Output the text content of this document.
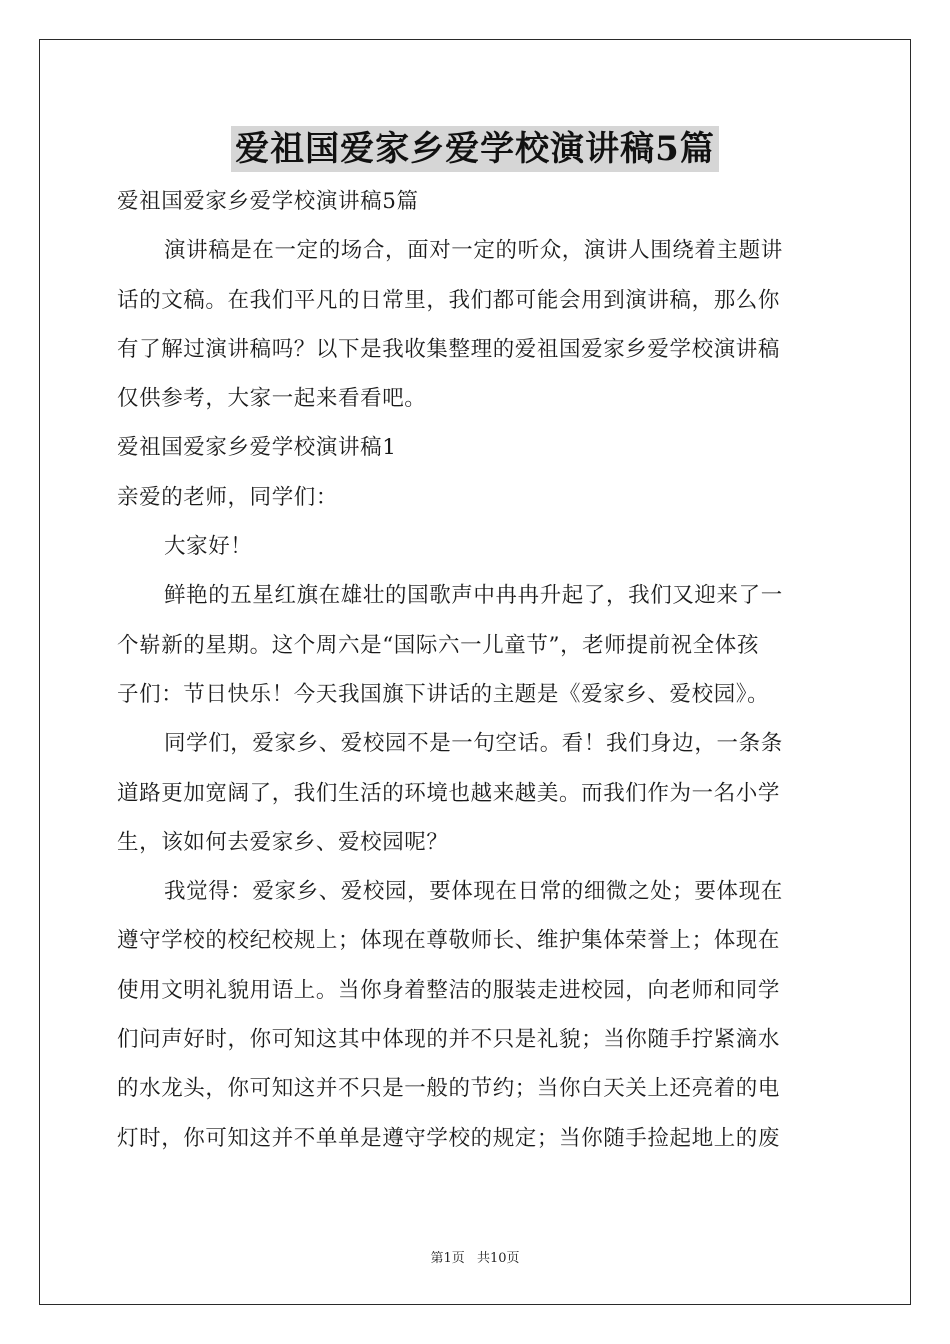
爱祖国爱家乡爱学校演讲稿5篇
爱祖国爱家乡爱学校演讲稿5篇
演讲稿是在一定的场合，面对一定的听众，演讲人围绕着主题讲
话的文稿。在我们平凡的日常里，我们都可能会用到演讲稿，那么你
有了解过演讲稿吗？以下是我收集整理的爱祖国爱家乡爱学校演讲稿
仅供参考，大家一起来看看吧。
爱祖国爱家乡爱学校演讲稿1
亲爱的老师，同学们：
大家好！
鲜艳的五星红旗在雄壮的国歌声中冉冉升起了，我们又迎来了一
个崭新的星期。这个周六是“国际六一儿童节”，老师提前祝全体孩
子们：节日快乐！今天我国旗下讲话的主题是《爱家乡、爱校园》。
同学们，爱家乡、爱校园不是一句空话。看！我们身边，一条条
道路更加宽阔了，我们生活的环境也越来越美。而我们作为一名小学
生，该如何去爱家乡、爱校园呢？
我觉得：爱家乡、爱校园，要体现在日常的细微之处；要体现在
遵守学校的校纪校规上；体现在尊敬师长、维护集体荣誉上；体现在
使用文明礼貌用语上。当你身着整洁的服装走进校园，向老师和同学
们问声好时，你可知这其中体现的并不只是礼貌；当你随手拧紧滴水
的水龙头，你可知这并不只是一般的节约；当你白天关上还亮着的电
灯时，你可知这并不单单是遵守学校的规定；当你随手捡起地上的废
第1页 共10页
